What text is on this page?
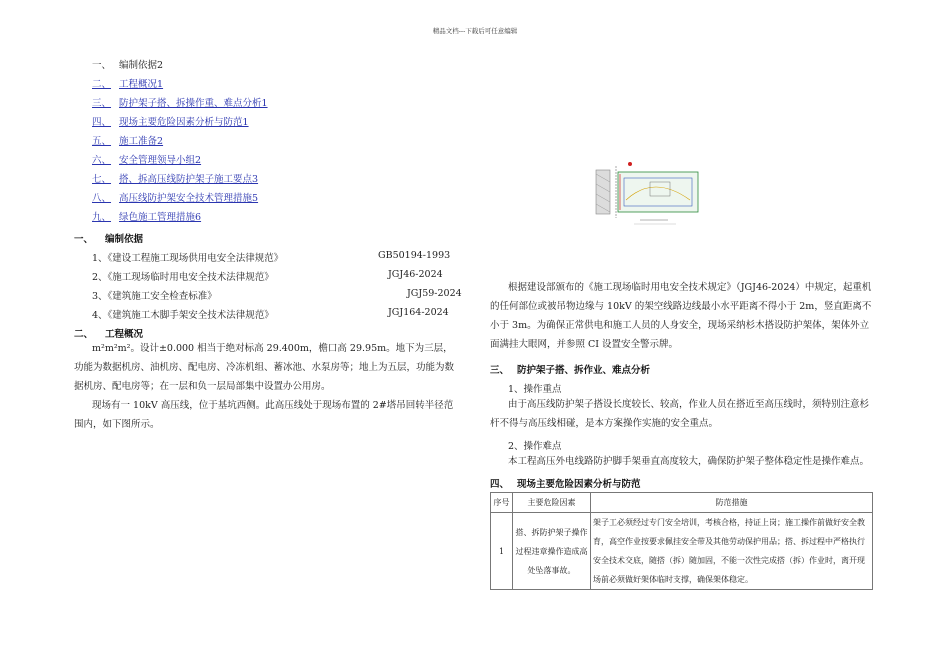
精品文档---下载后可任意编辑
一、 编制依据2
二、 工程概况1
三、 防护架子搭、拆操作重、难点分析1
四、 现场主要危险因素分析与防范1
五、 施工准备2
六、 安全管理领导小组2
七、 搭、拆高压线防护架子施工要点3
八、 高压线防护架安全技术管理措施5
九、 绿色施工管理措施6
一、 编制依据
1、《建设工程施工现场供用电安全法律规范》	GB50194-1993
2、《施工现场临时用电安全技术法律规范》	JGJ46-2024
3、《建筑施工安全检查标准》	JGJ59-2024
4、《建筑施工木脚手架安全技术法律规范》	JGJ164-2024
二、 工程概况
m²m²m²。设计±0.000 相当于绝对标高 29.400m，檐口高 29.95m。地下为三层，功能为数据机房、油机房、配电房、冷冻机组、蓄冰池、水泵房等；地上为五层，功能为数据机房、配电房等；在一层和负一层局部集中设置办公用房。
现场有一 10kV 高压线，位于基坑西侧。此高压线处于现场布置的 2#塔吊回转半径范围内，如下图所示。
根据建设部颁布的《施工现场临时用电安全技术规定》（JGJ46-2024）中规定，起重机的任何部位或被吊物边缘与 10kV 的架空线路边线最小水平距离不得小于 2m，竖直距离不小于 3m。为确保正常供电和施工人员的人身安全，现场采纳杉木搭设防护架体，架体外立面满挂大眼网，并参照 CI 设置安全警示牌。
三、 防护架子搭、拆作业、难点分析
1、操作重点
由于高压线防护架子搭设长度较长、较高，作业人员在搭近至高压线时，须特别注意杉杆不得与高压线相碰，是本方案操作实施的安全重点。
2、操作难点
本工程高压外电线路防护脚手架垂直高度较大，确保防护架子整体稳定性是操作难点。
四、 现场主要危险因素分析与防范
序号	主要危险因素	防范措施
1	搭、拆防护架子操作过程违章操作造成高处坠落事故。	架子工必须经过专门安全培训，考核合格，持证上岗；施工操作前做好安全教育，高空作业按要求佩挂安全带及其他劳动保护用品；搭、拆过程中严格执行安全技术交底，随搭（拆）随加固，不能一次性完成搭（拆）作业时，离开现场前必须做好架体临时支撑，确保架体稳定。
